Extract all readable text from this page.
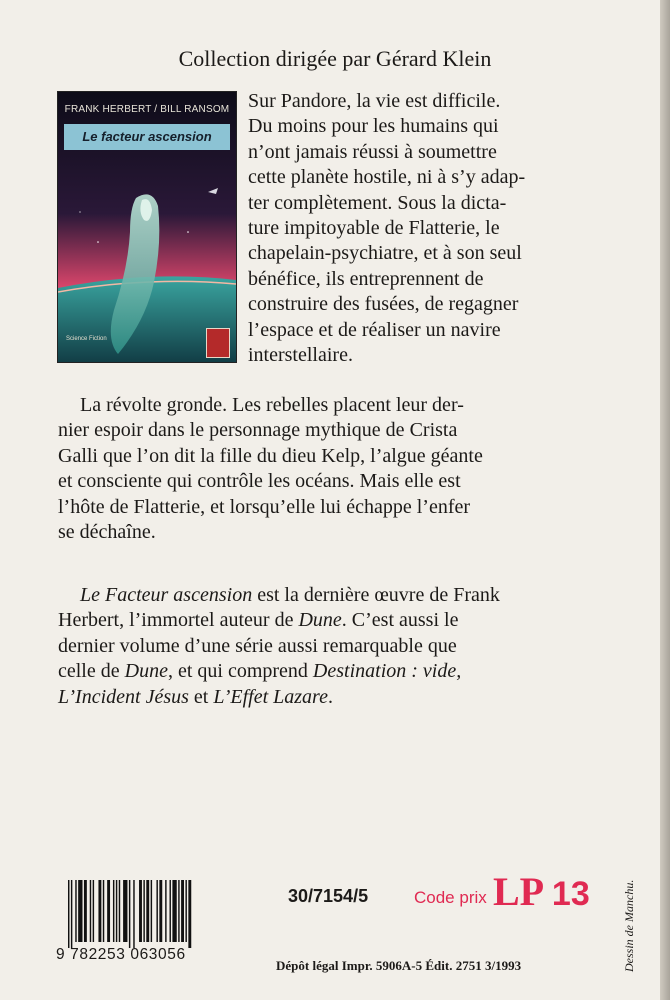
Collection dirigée par Gérard Klein
FRANK HERBERT / BILL RANSOM
Le facteur ascension
Science Fiction
Sur Pandore, la vie est difficile.
Du moins pour les humains qui
n’ont jamais réussi à soumettre
cette planète hostile, ni à s’y adap-
ter complètement. Sous la dicta-
ture impitoyable de Flatterie, le
chapelain-psychiatre, et à son seul
bénéfice, ils entreprennent de
construire des fusées, de regagner
l’espace et de réaliser un navire
interstellaire.
La révolte gronde. Les rebelles placent leur der-
nier espoir dans le personnage mythique de Crista
Galli que l’on dit la fille du dieu Kelp, l’algue géante
et consciente qui contrôle les océans. Mais elle est
l’hôte de Flatterie, et lorsqu’elle lui échappe l’enfer
se déchaîne.
Le Facteur ascension est la dernière œuvre de Frank
Herbert, l’immortel auteur de Dune. C’est aussi le
dernier volume d’une série aussi remarquable que
celle de Dune, et qui comprend Destination : vide,
L’Incident Jésus et L’Effet Lazare.
9 782253 063056
30/7154/5	Code prix LP 13
Dépôt légal Impr. 5906A-5 Édit. 2751 3/1993	Dessin de Manchu.
